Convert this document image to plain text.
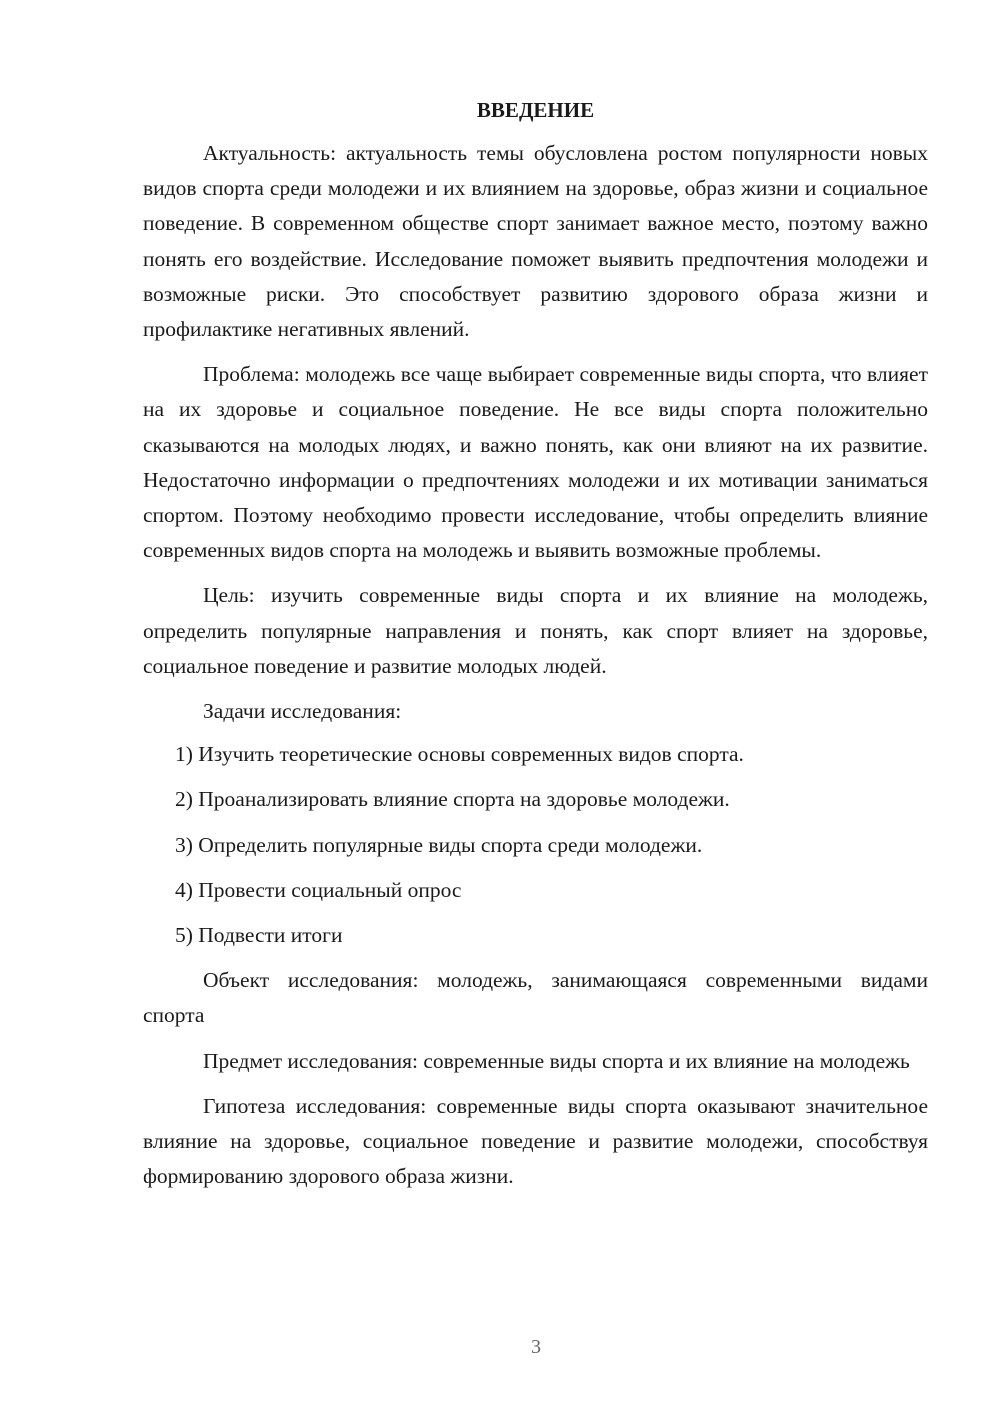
ВВЕДЕНИЕ

Актуальность: актуальность темы обусловлена ростом популярности новых видов спорта среди молодежи и их влиянием на здоровье, образ жизни и социальное поведение. В современном обществе спорт занимает важное место, поэтому важно понять его воздействие. Исследование поможет выявить предпочтения молодежи и возможные риски. Это способствует развитию здорового образа жизни и профилактике негативных явлений.

Проблема: молодежь все чаще выбирает современные виды спорта, что влияет на их здоровье и социальное поведение. Не все виды спорта положительно сказываются на молодых людях, и важно понять, как они влияют на их развитие. Недостаточно информации о предпочтениях молодежи и их мотивации заниматься спортом. Поэтому необходимо провести исследование, чтобы определить влияние современных видов спорта на молодежь и выявить возможные проблемы.

Цель: изучить современные виды спорта и их влияние на молодежь, определить популярные направления и понять, как спорт влияет на здоровье, социальное поведение и развитие молодых людей.

Задачи исследования:

1) Изучить теоретические основы современных видов спорта.
2) Проанализировать влияние спорта на здоровье молодежи.
3) Определить популярные виды спорта среди молодежи.
4) Провести социальный опрос
5) Подвести итоги

Объект исследования: молодежь, занимающаяся современными видами спорта

Предмет исследования: современные виды спорта и их влияние на молодежь

Гипотеза исследования: современные виды спорта оказывают значительное влияние на здоровье, социальное поведение и развитие молодежи, способствуя формированию здорового образа жизни.

3
